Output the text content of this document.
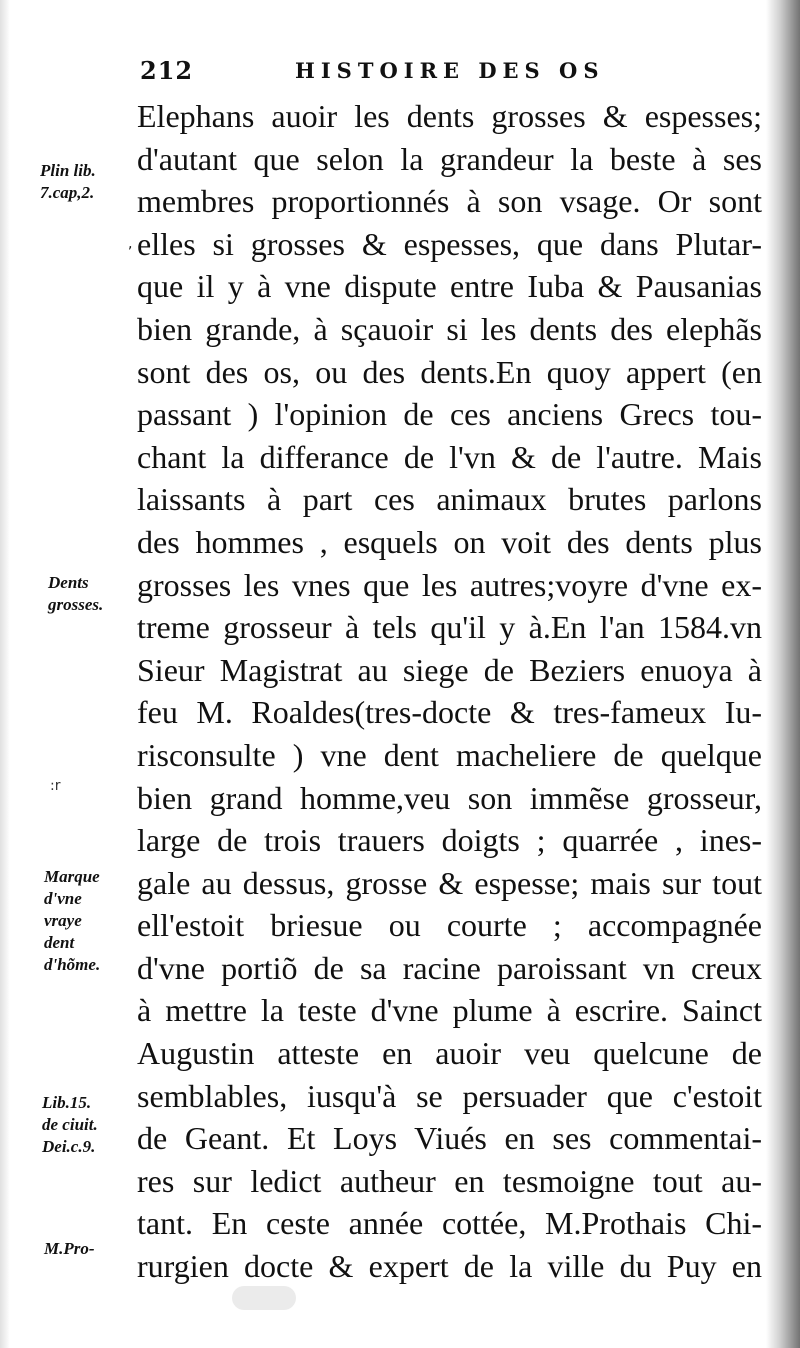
212	HISTOIRE DES OS
Elephans auoir les dents grosses & espesses;
d'autant que selon la grandeur la beste à ses
membres proportionnés à son vsage. Or sont
elles si grosses & espesses, que dans Plutar-
que il y à vne dispute entre Iuba & Pausanias
bien grande, à sçauoir si les dents des elephãs
sont des os, ou des dents.En quoy appert (en
passant ) l'opinion de ces anciens Grecs tou-
chant la differance de l'vn & de l'autre. Mais
laissants à part ces animaux brutes parlons
des hommes , esquels on voit des dents plus
grosses les vnes que les autres;voyre d'vne ex-
treme grosseur à tels qu'il y à.En l'an 1584.vn
Sieur Magistrat au siege de Beziers enuoya à
feu M. Roaldes(tres-docte & tres-fameux Iu-
risconsulte ) vne dent macheliere de quelque
bien grand homme,veu son immẽse grosseur,
large de trois trauers doigts ; quarrée , ines-
gale au dessus, grosse & espesse; mais sur tout
ell'estoit briesue ou courte ; accompagnée
d'vne portiõ de sa racine paroissant vn creux
à mettre la teste d'vne plume à escrire. Sainct
Augustin atteste en auoir veu quelcune de
semblables, iusqu'à se persuader que c'estoit
de Geant. Et Loys Viués en ses commentai-
res sur ledict autheur en tesmoigne tout au-
tant. En ceste année cottée, M.Prothais Chi-
rurgien docte & expert de la ville du Puy en
Plin lib.
7.cap,2.
,
Dents
grosses.
:r
Marque
d'vne
vraye
dent
d'hõme.
Lib.15.
de ciuit.
Dei.c.9.
M.Pro-
